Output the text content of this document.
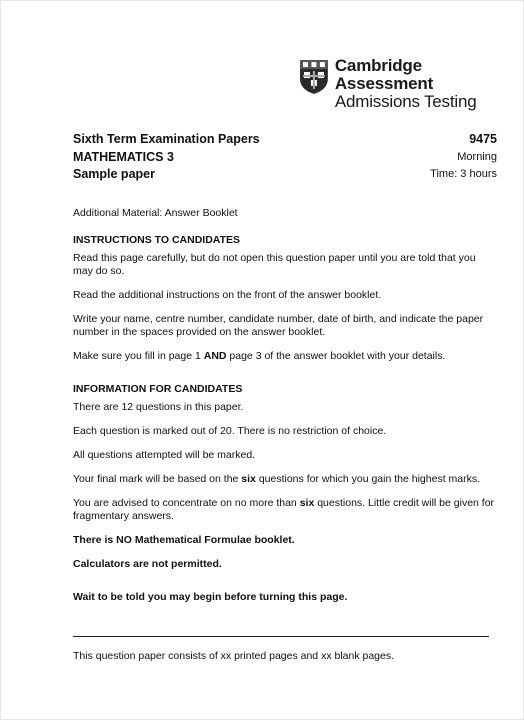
Cambridge Assessment
Admissions Testing
Sixth Term Examination Papers
MATHEMATICS 3
Sample paper
9475
Morning
Time: 3 hours

Additional Material: Answer Booklet

INSTRUCTIONS TO CANDIDATES

Read this page carefully, but do not open this question paper until you are told that you may do so.

Read the additional instructions on the front of the answer booklet.

Write your name, centre number, candidate number, date of birth, and indicate the paper number in the spaces provided on the answer booklet.

Make sure you fill in page 1 AND page 3 of the answer booklet with your details.

INFORMATION FOR CANDIDATES

There are 12 questions in this paper.

Each question is marked out of 20. There is no restriction of choice.

All questions attempted will be marked.

Your final mark will be based on the six questions for which you gain the highest marks.

You are advised to concentrate on no more than six questions. Little credit will be given for fragmentary answers.

There is NO Mathematical Formulae booklet.

Calculators are not permitted.

Wait to be told you may begin before turning this page.

This question paper consists of xx printed pages and xx blank pages.
